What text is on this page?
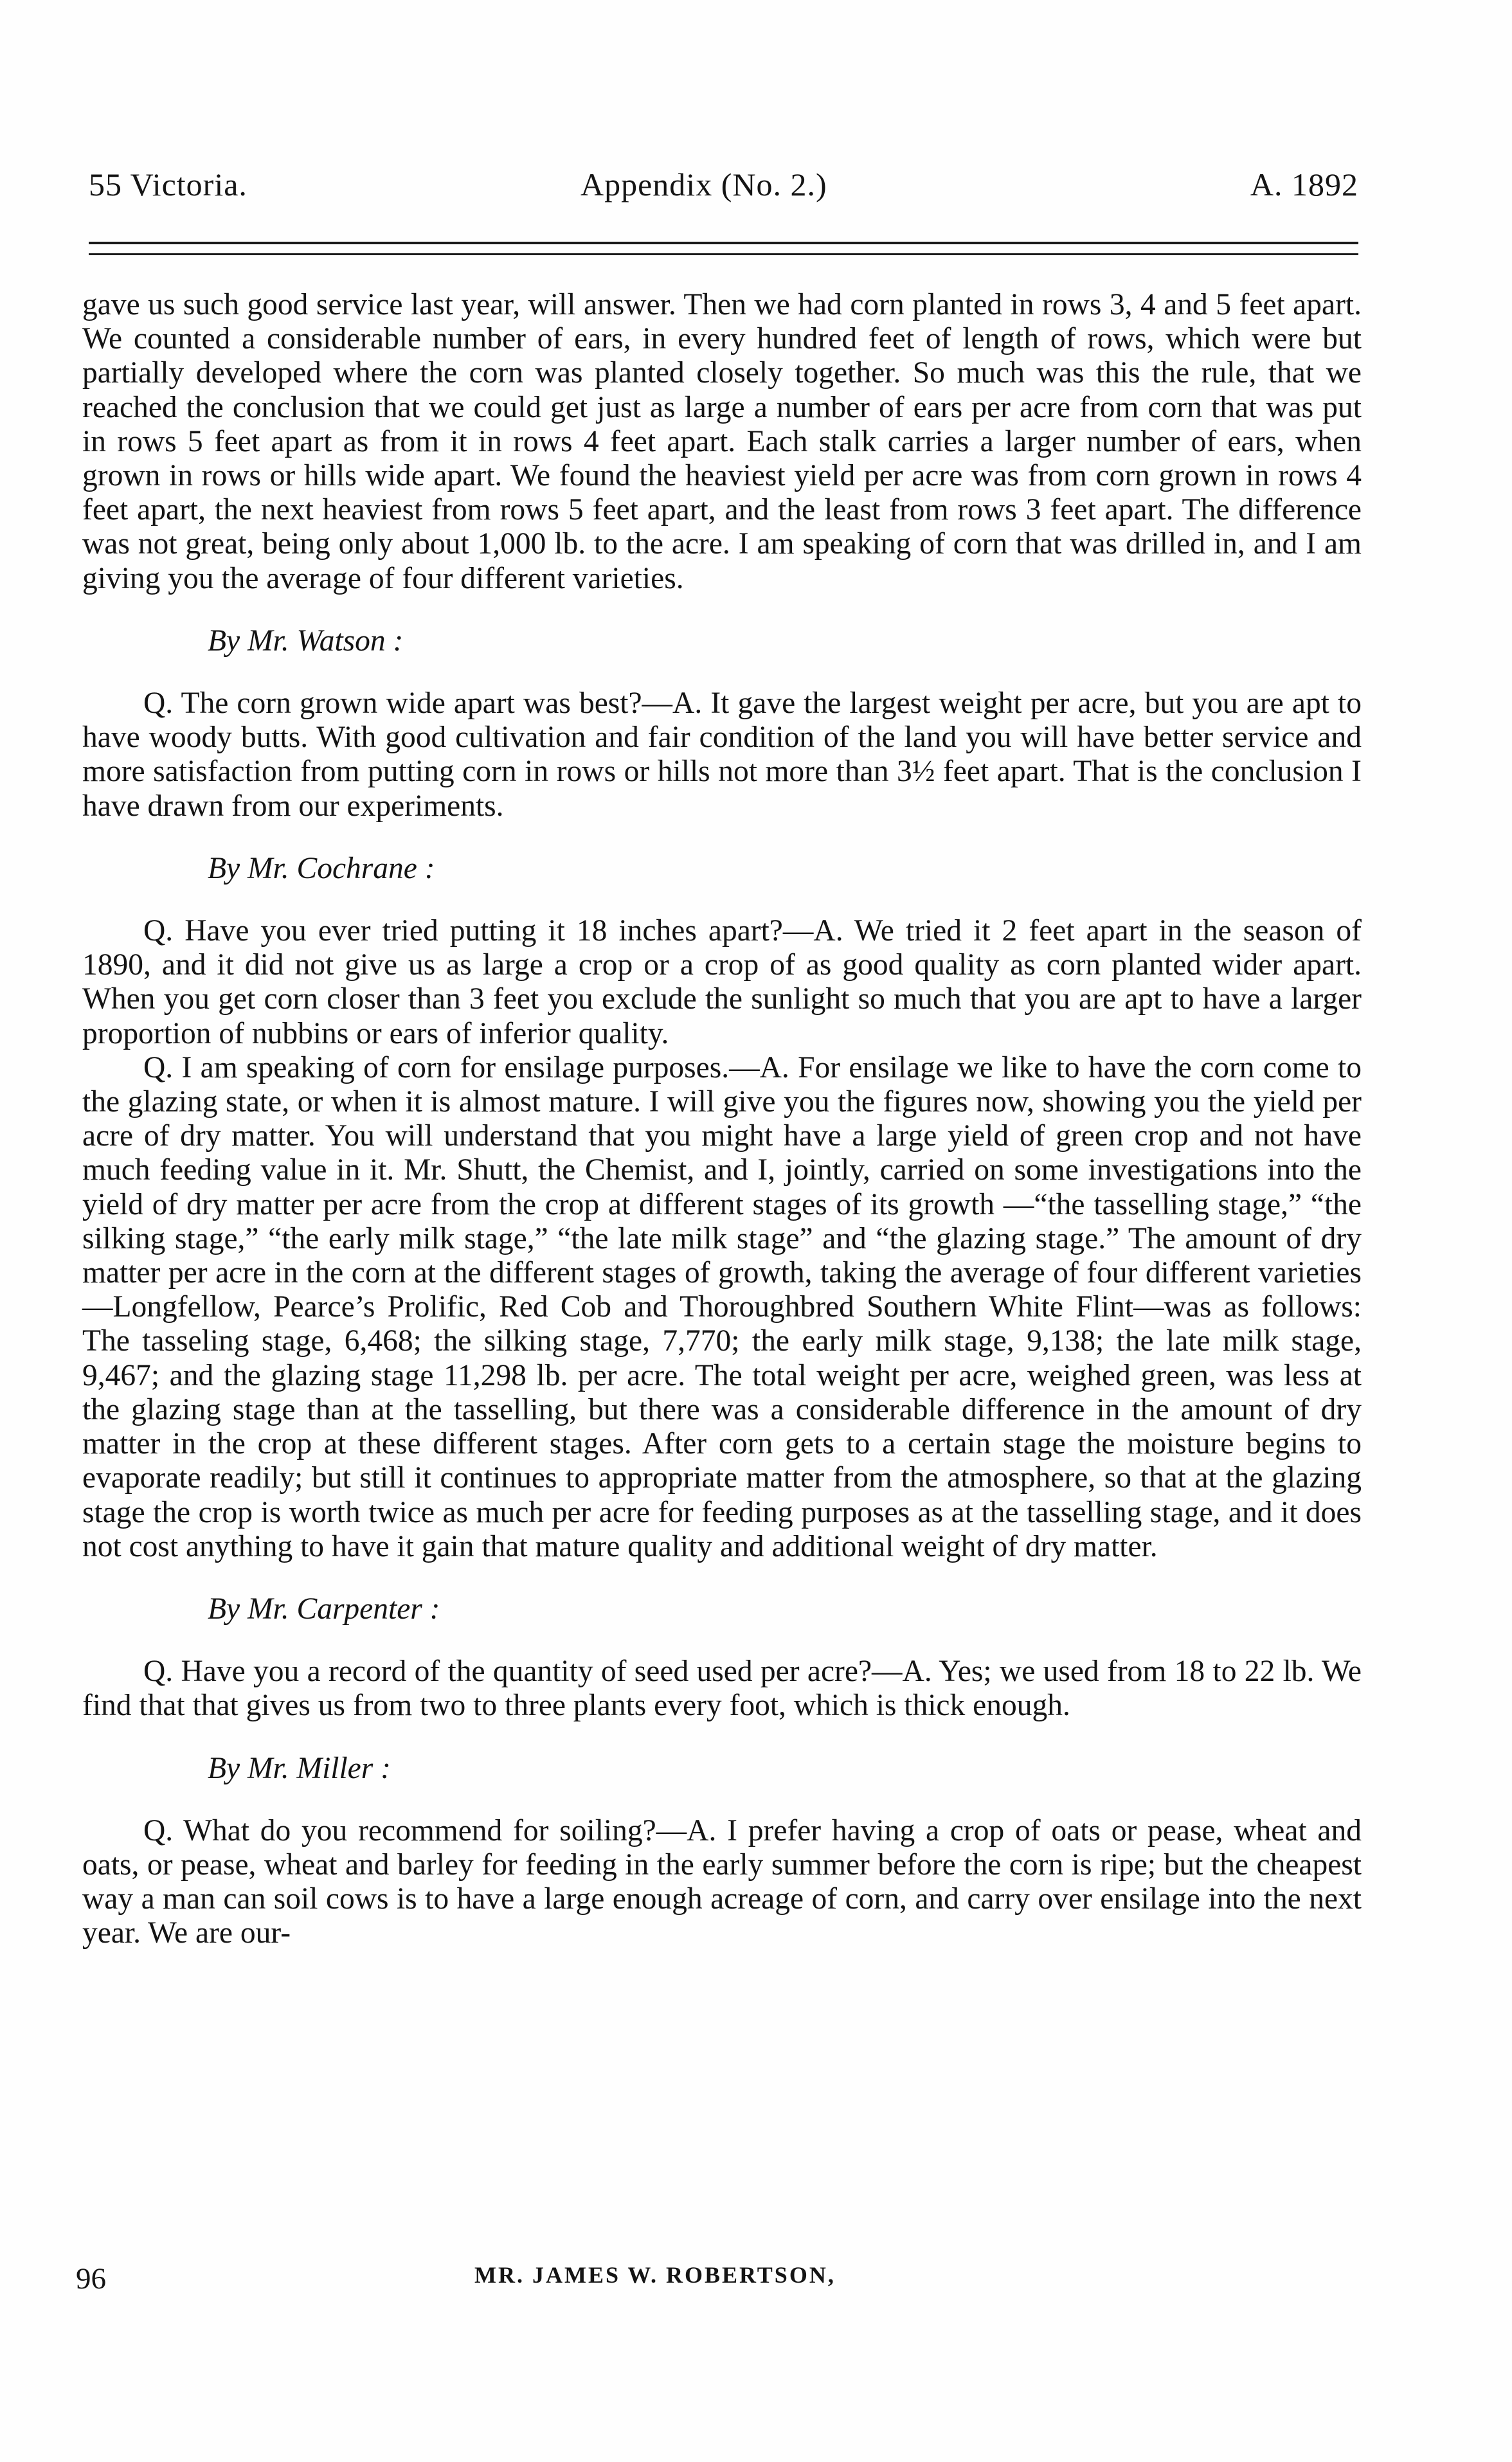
55 Victoria.	Appendix (No. 2.)	A. 1892

gave us such good service last year, will answer. Then we had corn planted in rows 3, 4 and 5 feet apart. We counted a considerable number of ears, in every hundred feet of length of rows, which were but partially developed where the corn was planted closely together. So much was this the rule, that we reached the conclusion that we could get just as large a number of ears per acre from corn that was put in rows 5 feet apart as from it in rows 4 feet apart. Each stalk carries a larger number of ears, when grown in rows or hills wide apart. We found the heaviest yield per acre was from corn grown in rows 4 feet apart, the next heaviest from rows 5 feet apart, and the least from rows 3 feet apart. The difference was not great, being only about 1,000 lb. to the acre. I am speaking of corn that was drilled in, and I am giving you the average of four different varieties.

By Mr. Watson :

Q. The corn grown wide apart was best?—A. It gave the largest weight per acre, but you are apt to have woody butts. With good cultivation and fair condition of the land you will have better service and more satisfaction from putting corn in rows or hills not more than 3½ feet apart. That is the conclusion I have drawn from our experiments.

By Mr. Cochrane :

Q. Have you ever tried putting it 18 inches apart?—A. We tried it 2 feet apart in the season of 1890, and it did not give us as large a crop or a crop of as good quality as corn planted wider apart. When you get corn closer than 3 feet you exclude the sunlight so much that you are apt to have a larger proportion of nubbins or ears of inferior quality.

Q. I am speaking of corn for ensilage purposes.—A. For ensilage we like to have the corn come to the glazing state, or when it is almost mature. I will give you the figures now, showing you the yield per acre of dry matter. You will understand that you might have a large yield of green crop and not have much feeding value in it. Mr. Shutt, the Chemist, and I, jointly, carried on some investigations into the yield of dry matter per acre from the crop at different stages of its growth —“the tasselling stage,” “the silking stage,” “the early milk stage,” “the late milk stage” and “the glazing stage.” The amount of dry matter per acre in the corn at the different stages of growth, taking the average of four different varieties—Longfellow, Pearce’s Prolific, Red Cob and Thoroughbred Southern White Flint—was as follows: The tasseling stage, 6,468; the silking stage, 7,770; the early milk stage, 9,138; the late milk stage, 9,467; and the glazing stage 11,298 lb. per acre. The total weight per acre, weighed green, was less at the glazing stage than at the tasselling, but there was a considerable difference in the amount of dry matter in the crop at these different stages. After corn gets to a certain stage the moisture begins to evaporate readily; but still it continues to appropriate matter from the atmosphere, so that at the glazing stage the crop is worth twice as much per acre for feeding purposes as at the tasselling stage, and it does not cost anything to have it gain that mature quality and additional weight of dry matter.

By Mr. Carpenter :

Q. Have you a record of the quantity of seed used per acre?—A. Yes; we used from 18 to 22 lb. We find that that gives us from two to three plants every foot, which is thick enough.

By Mr. Miller :

Q. What do you recommend for soiling?—A. I prefer having a crop of oats or pease, wheat and oats, or pease, wheat and barley for feeding in the early summer before the corn is ripe; but the cheapest way a man can soil cows is to have a large enough acreage of corn, and carry over ensilage into the next year. We are our-

96	MR. JAMES W. ROBERTSON,
